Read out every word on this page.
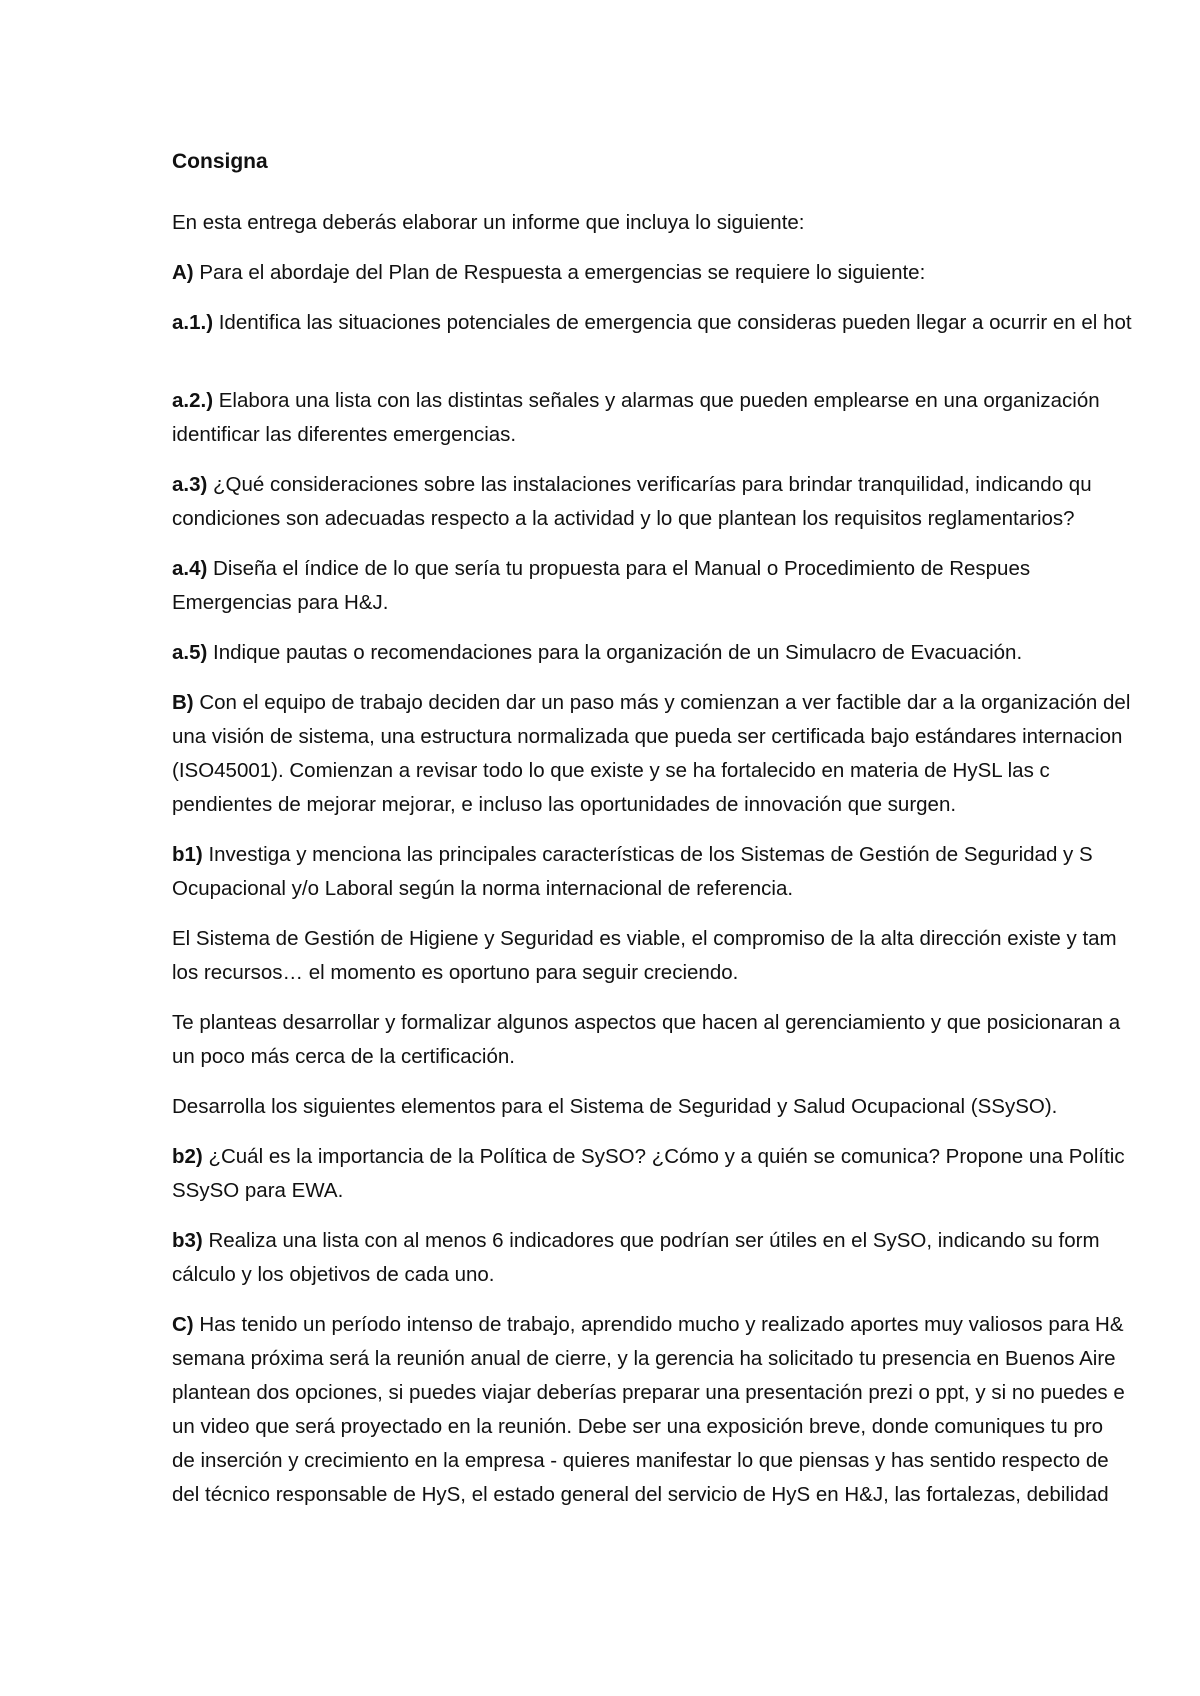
Consigna
En esta entrega deberás elaborar un informe que incluya lo siguiente:
A) Para el abordaje del Plan de Respuesta a emergencias se requiere lo siguiente:
a.1.) Identifica las situaciones potenciales de emergencia que consideras pueden llegar a ocurrir en el hot
a.2.) Elabora una lista con las distintas señales y alarmas que pueden emplearse en una organización
identificar las diferentes emergencias.
a.3) ¿Qué consideraciones sobre las instalaciones verificarías para brindar tranquilidad, indicando qu
condiciones son adecuadas respecto a la actividad y lo que plantean los requisitos reglamentarios?
a.4) Diseña el índice de lo que sería tu propuesta para el Manual o Procedimiento de Respues
Emergencias para H&J.
a.5) Indique pautas o recomendaciones para la organización de un Simulacro de Evacuación.
B) Con el equipo de trabajo deciden dar un paso más y comienzan a ver factible dar a la organización del
una visión de sistema, una estructura normalizada que pueda ser certificada bajo estándares internacion
(ISO45001). Comienzan a revisar todo lo que existe y se ha fortalecido en materia de HySL las c
pendientes de mejorar mejorar, e incluso las oportunidades de innovación que surgen.
b1) Investiga y menciona las principales características de los Sistemas de Gestión de Seguridad y S
Ocupacional y/o Laboral según la norma internacional de referencia.
El Sistema de Gestión de Higiene y Seguridad es viable, el compromiso de la alta dirección existe y tam
los recursos… el momento es oportuno para seguir creciendo.
Te planteas desarrollar y formalizar algunos aspectos que hacen al gerenciamiento y que posicionaran a
un poco más cerca de la certificación.
Desarrolla los siguientes elementos para el Sistema de Seguridad y Salud Ocupacional (SSySO).
b2) ¿Cuál es la importancia de la Política de SySO? ¿Cómo y a quién se comunica? Propone una Polític
SSySO para EWA.
b3) Realiza una lista con al menos 6 indicadores que podrían ser útiles en el SySO, indicando su form
cálculo y los objetivos de cada uno.
C) Has tenido un período intenso de trabajo, aprendido mucho y realizado aportes muy valiosos para H&
semana próxima será la reunión anual de cierre, y la gerencia ha solicitado tu presencia en Buenos Aire
plantean dos opciones, si puedes viajar deberías preparar una presentación prezi o ppt, y si no puedes e
un video que será proyectado en la reunión. Debe ser una exposición breve, donde comuniques tu pro
de inserción y crecimiento en la empresa - quieres manifestar lo que piensas y has sentido respecto de
del técnico responsable de HyS, el estado general del servicio de HyS en H&J, las fortalezas, debilidad
